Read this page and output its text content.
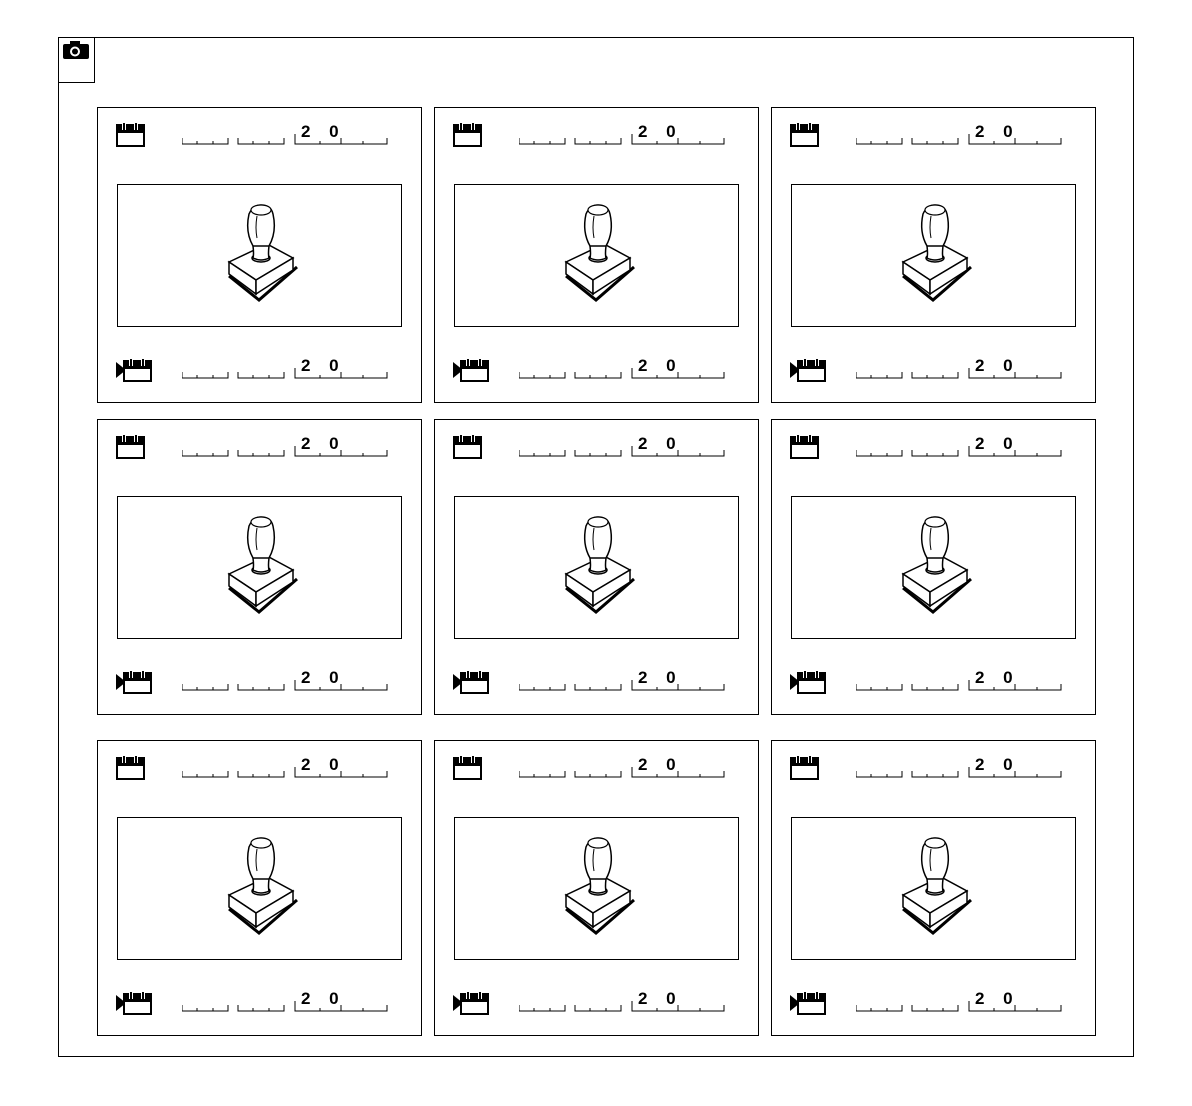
2 0
2 0
2 0
2 0
2 0
2 0
2 0
2 0
2 0
2 0
2 0
2 0
2 0
2 0
2 0
2 0
2 0
2 0
